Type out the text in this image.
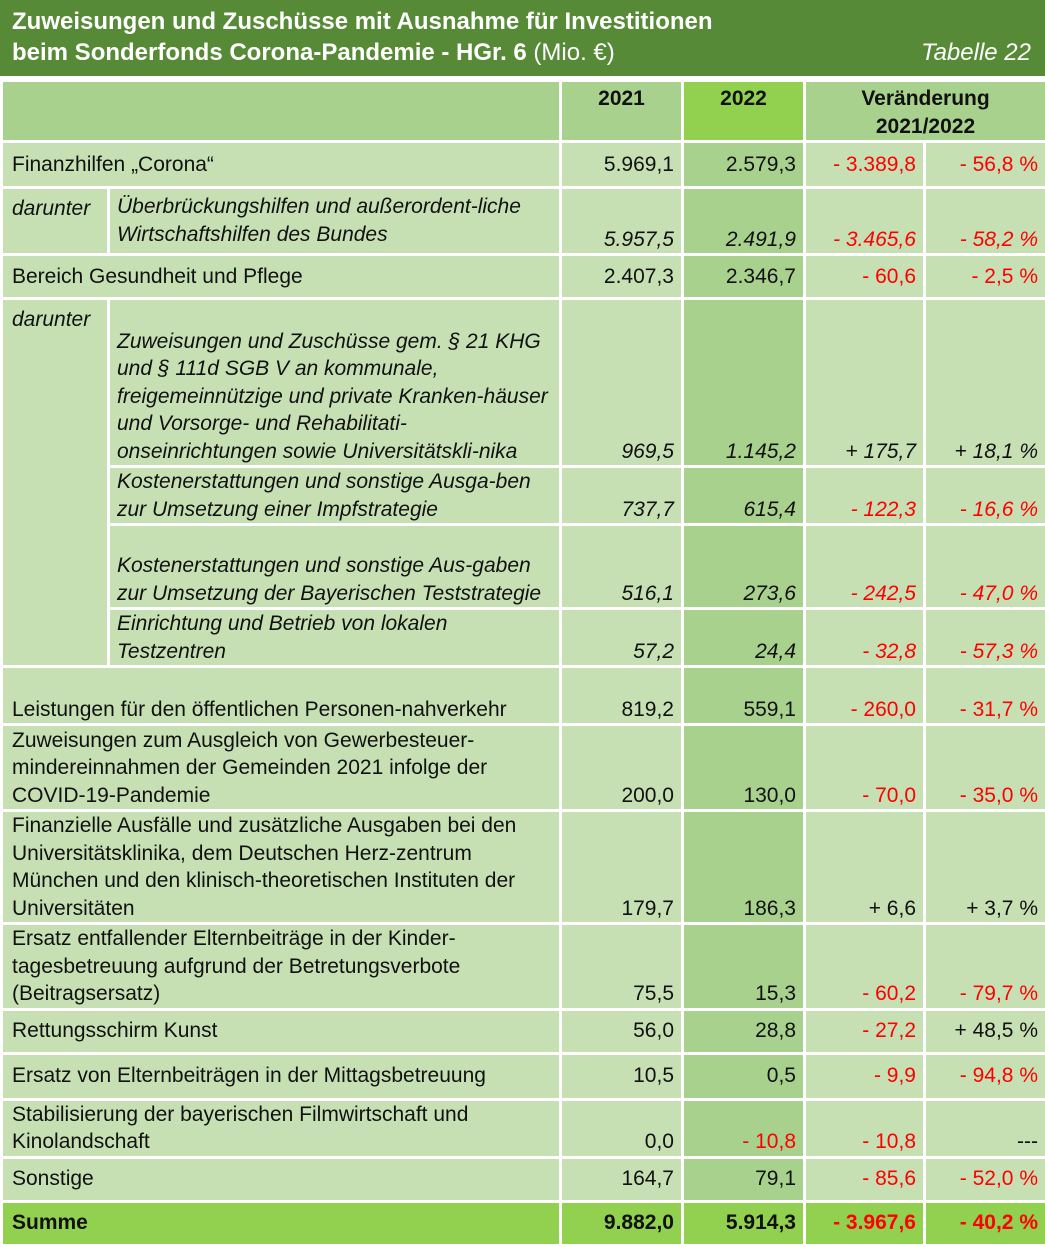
Zuweisungen und Zuschüsse mit Ausnahme für Investitionen
beim Sonderfonds Corona-Pandemie - HGr. 6 (Mio. €)	Tabelle 22
		2021	2022	Veränderung 2021/2022	

Finanzhilfen „Corona“		5.969,1	2.579,3	- 3.389,8	- 56,8 %
darunter	Überbrückungshilfen und außerordent-liche Wirtschaftshilfen des Bundes	5.957,5	2.491,9	- 3.465,6	- 58,2 %
Bereich Gesundheit und Pflege		2.407,3	2.346,7	- 60,6	- 2,5 %
darunter	Zuweisungen und Zuschüsse gem. § 21 KHG und § 111d SGB V an kommunale, freigemeinnützige und private Kranken-häuser und Vorsorge- und Rehabilitati-onseinrichtungen sowie Universitätskli-nika	969,5	1.145,2	+ 175,7	+ 18,1 %
	Kostenerstattungen und sonstige Ausga-ben zur Umsetzung einer Impfstrategie	737,7	615,4	- 122,3	- 16,6 %
	Kostenerstattungen und sonstige Aus-gaben zur Umsetzung der Bayerischen Teststrategie	516,1	273,6	- 242,5	- 47,0 %
	Einrichtung und Betrieb von lokalen Testzentren	57,2	24,4	- 32,8	- 57,3 %
Leistungen für den öffentlichen Personen-nahverkehr		819,2	559,1	- 260,0	- 31,7 %
Zuweisungen zum Ausgleich von Gewerbesteuer-mindereinnahmen der Gemeinden 2021 infolge der COVID-19-Pandemie		200,0	130,0	- 70,0	- 35,0 %
Finanzielle Ausfälle und zusätzliche Ausgaben bei den Universitätsklinika, dem Deutschen Herz-zentrum München und den klinisch-theoretischen Instituten der Universitäten		179,7	186,3	+ 6,6	+ 3,7 %
Ersatz entfallender Elternbeiträge in der Kinder-tagesbetreuung aufgrund der Betretungsverbote (Beitragsersatz)		75,5	15,3	- 60,2	- 79,7 %
Rettungsschirm Kunst		56,0	28,8	- 27,2	+ 48,5 %
Ersatz von Elternbeiträgen in der Mittagsbetreuung		10,5	0,5	- 9,9	- 94,8 %
Stabilisierung der bayerischen Filmwirtschaft und Kinolandschaft		0,0	- 10,8	- 10,8	---
Sonstige		164,7	79,1	- 85,6	- 52,0 %
Summe		9.882,0	5.914,3	- 3.967,6	- 40,2 %
